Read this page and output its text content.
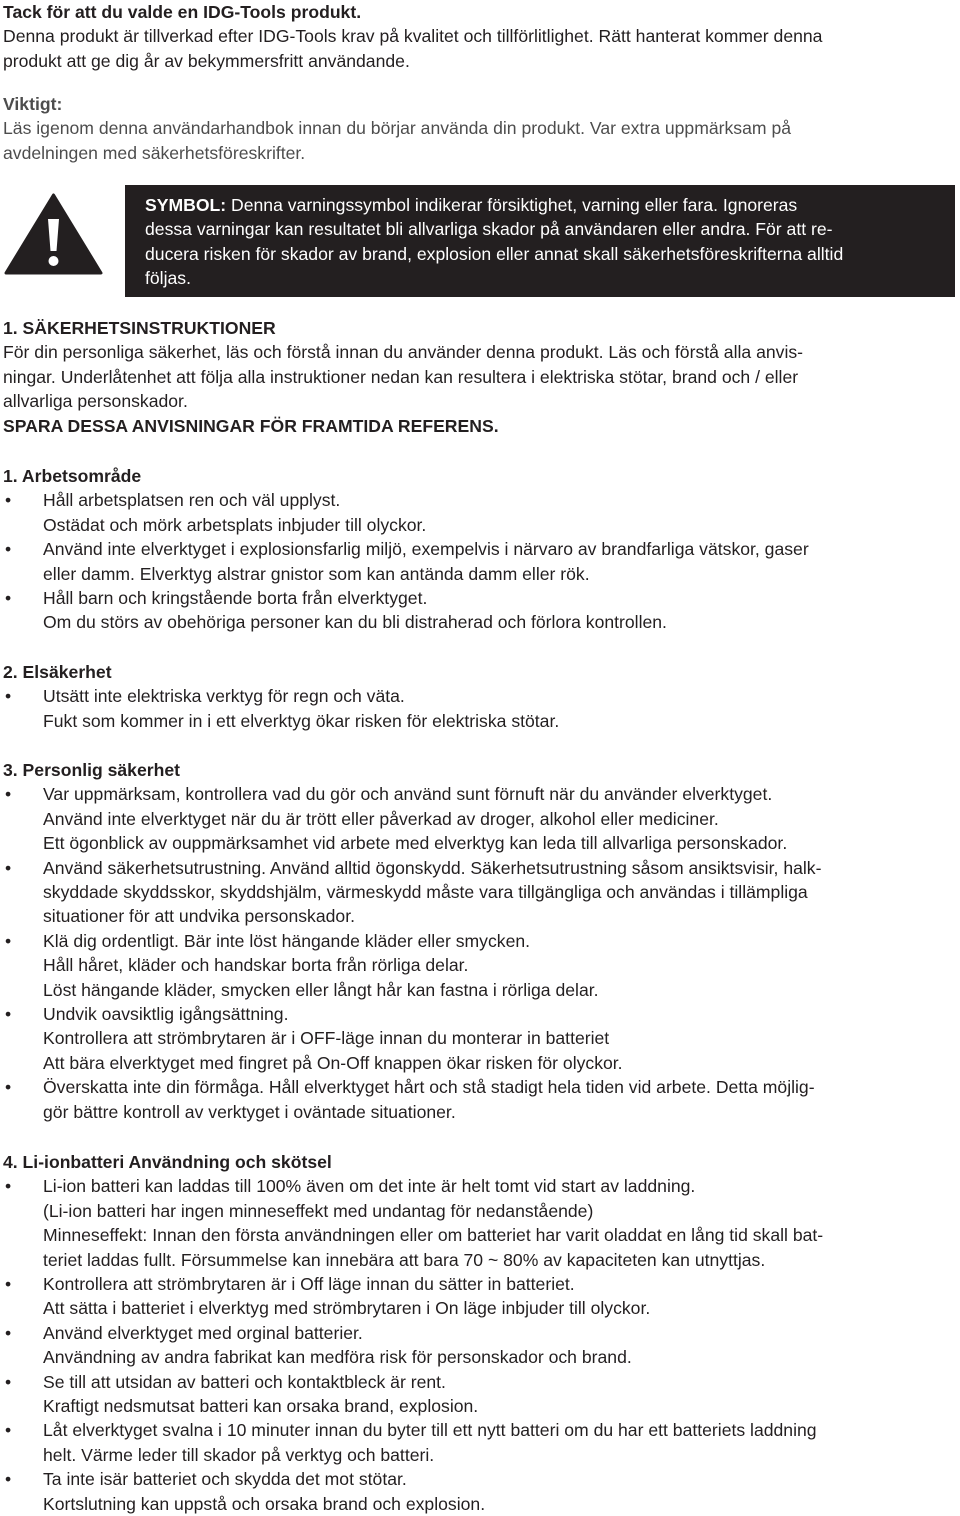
Tack för att du valde en IDG-Tools produkt.

Denna produkt är tillverkad efter IDG-Tools krav på kvalitet och tillförlitlighet. Rätt hanterat kommer denna

produkt att ge dig år av bekymmersfritt användande.

Viktigt:

Läs igenom denna användarhandbok innan du börjar använda din produkt. Var extra uppmärksam på

avdelningen med säkerhetsföreskrifter.

SYMBOL: Denna varningssymbol indikerar försiktighet, varning eller fara. Ignoreras

dessa varningar kan resultatet bli allvarliga skador på användaren eller andra. För att re-

ducera risken för skador av brand, explosion eller annat skall säkerhetsföreskrifterna alltid

följas.

1. SÄKERHETSINSTRUKTIONER

För din personliga säkerhet, läs och förstå innan du använder denna produkt. Läs och förstå alla anvis-

ningar. Underlåtenhet att följa alla instruktioner nedan kan resultera i elektriska stötar, brand och / eller

allvarliga personskador.

SPARA DESSA ANVISNINGAR FÖR FRAMTIDA REFERENS.

1. Arbetsområde

• Håll arbetsplatsen ren och väl upplyst.

Ostädat och mörk arbetsplats inbjuder till olyckor.

• Använd inte elverktyget i explosionsfarlig miljö, exempelvis i närvaro av brandfarliga vätskor, gaser

eller damm. Elverktyg alstrar gnistor som kan antända damm eller rök.

• Håll barn och kringstående borta från elverktyget.

Om du störs av obehöriga personer kan du bli distraherad och förlora kontrollen.

2. Elsäkerhet

• Utsätt inte elektriska verktyg för regn och väta.

Fukt som kommer in i ett elverktyg ökar risken för elektriska stötar.

3. Personlig säkerhet

• Var uppmärksam, kontrollera vad du gör och använd sunt förnuft när du använder elverktyget.

Använd inte elverktyget när du är trött eller påverkad av droger, alkohol eller mediciner.

Ett ögonblick av ouppmärksamhet vid arbete med elverktyg kan leda till allvarliga personskador.

• Använd säkerhetsutrustning. Använd alltid ögonskydd. Säkerhetsutrustning såsom ansiktsvisir, halk-

skyddade skyddsskor, skyddshjälm, värmeskydd måste vara tillgängliga och användas i tillämpliga

situationer för att undvika personskador.

• Klä dig ordentligt. Bär inte löst hängande kläder eller smycken.

Håll håret, kläder och handskar borta från rörliga delar.

Löst hängande kläder, smycken eller långt hår kan fastna i rörliga delar.

• Undvik oavsiktlig igångsättning.

Kontrollera att strömbrytaren är i OFF-läge innan du monterar in batteriet

Att bära elverktyget med fingret på On-Off knappen ökar risken för olyckor.

• Överskatta inte din förmåga. Håll elverktyget hårt och stå stadigt hela tiden vid arbete. Detta möjlig-

gör bättre kontroll av verktyget i oväntade situationer.

4. Li-ionbatteri Användning och skötsel

• Li-ion batteri kan laddas till 100% även om det inte är helt tomt vid start av laddning.

(Li-ion batteri har ingen minneseffekt med undantag för nedanstående)

Minneseffekt: Innan den första användningen eller om batteriet har varit oladdat en lång tid skall bat-

teriet laddas fullt. Försummelse kan innebära att bara 70 ~ 80% av kapaciteten kan utnyttjas.

• Kontrollera att strömbrytaren är i Off läge innan du sätter in batteriet.

Att sätta i batteriet i elverktyg med strömbrytaren i On läge inbjuder till olyckor.

• Använd elverktyget med orginal batterier.

Användning av andra fabrikat kan medföra risk för personskador och brand.

• Se till att utsidan av batteri och kontaktbleck är rent.

Kraftigt nedsmutsat batteri kan orsaka brand, explosion.

• Låt elverktyget svalna i 10 minuter innan du byter till ett nytt batteri om du har ett batteriets laddning

helt. Värme leder till skador på verktyg och batteri.

• Ta inte isär batteriet och skydda det mot stötar.

Kortslutning kan uppstå och orsaka brand och explosion.
